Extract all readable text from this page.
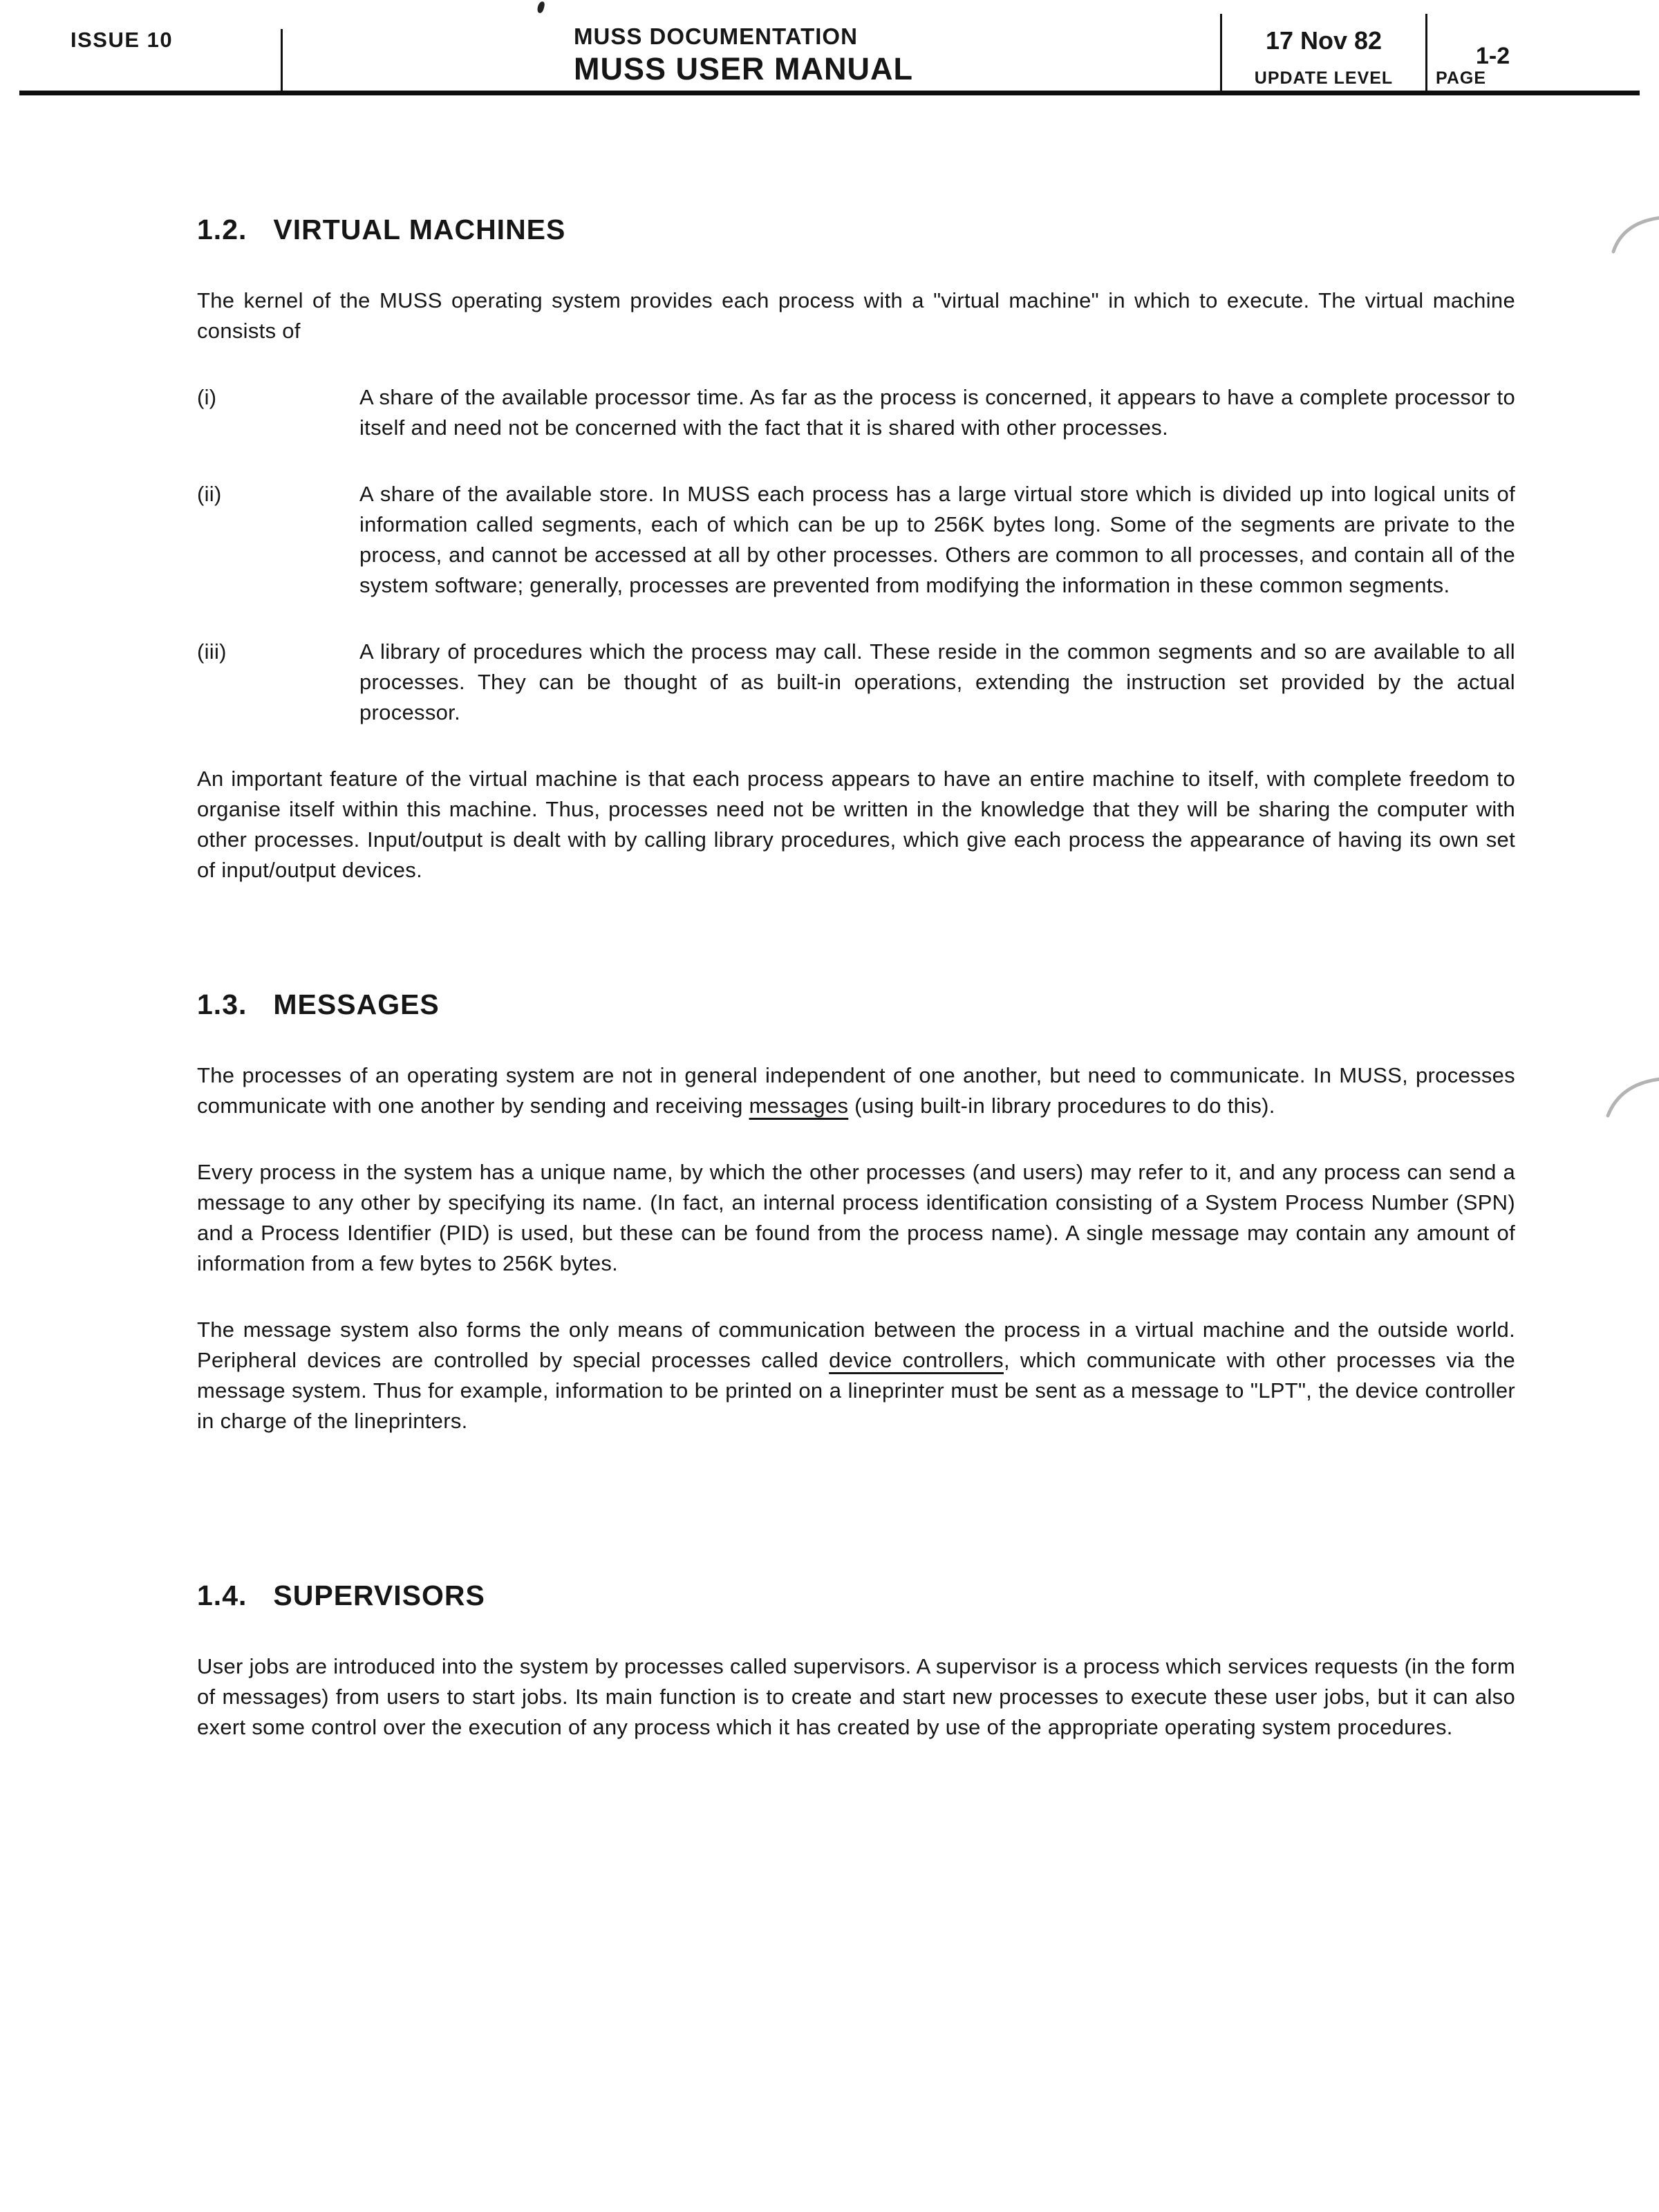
ISSUE 10	MUSS DOCUMENTATION
MUSS USER MANUAL
17 Nov 82
UPDATE LEVEL
1-2
PAGE
1.2. VIRTUAL MACHINES

The kernel of the MUSS operating system provides each process with a "virtual machine" in which to execute. The virtual machine consists of

(i)	A share of the available processor time. As far as the process is concerned, it appears to have a complete processor to itself and need not be concerned with the fact that it is shared with other processes.
(ii)	A share of the available store. In MUSS each process has a large virtual store which is divided up into logical units of information called segments, each of which can be up to 256K bytes long. Some of the segments are private to the process, and cannot be accessed at all by other processes. Others are common to all processes, and contain all of the system software; generally, processes are prevented from modifying the information in these common segments.
(iii)	A library of procedures which the process may call. These reside in the common segments and so are available to all processes. They can be thought of as built-in operations, extending the instruction set provided by the actual processor.

An important feature of the virtual machine is that each process appears to have an entire machine to itself, with complete freedom to organise itself within this machine. Thus, processes need not be written in the knowledge that they will be sharing the computer with other processes. Input/output is dealt with by calling library procedures, which give each process the appearance of having its own set of input/output devices.

1.3. MESSAGES

The processes of an operating system are not in general independent of one another, but need to communicate. In MUSS, processes communicate with one another by sending and receiving messages (using built-in library procedures to do this).

Every process in the system has a unique name, by which the other processes (and users) may refer to it, and any process can send a message to any other by specifying its name. (In fact, an internal process identification consisting of a System Process Number (SPN) and a Process Identifier (PID) is used, but these can be found from the process name). A single message may contain any amount of information from a few bytes to 256K bytes.

The message system also forms the only means of communication between the process in a virtual machine and the outside world. Peripheral devices are controlled by special processes called device controllers, which communicate with other processes via the message system. Thus for example, information to be printed on a lineprinter must be sent as a message to "LPT", the device controller in charge of the lineprinters.

1.4. SUPERVISORS

User jobs are introduced into the system by processes called supervisors. A supervisor is a process which services requests (in the form of messages) from users to start jobs. Its main function is to create and start new processes to execute these user jobs, but it can also exert some control over the execution of any process which it has created by use of the appropriate operating system procedures.
